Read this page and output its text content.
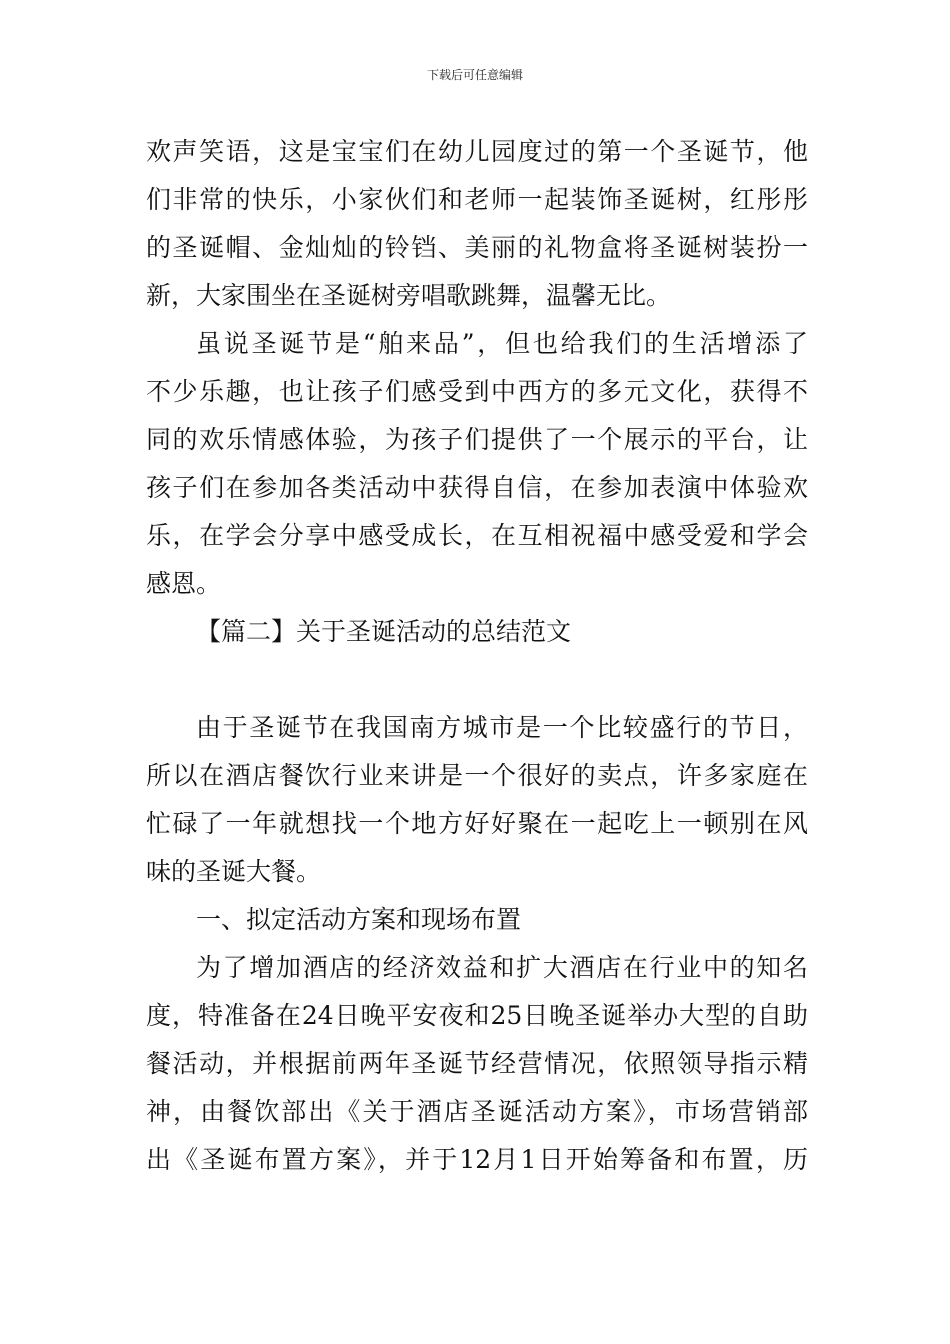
下载后可任意编辑
欢声笑语，这是宝宝们在幼儿园度过的第一个圣诞节，他
们非常的快乐，小家伙们和老师一起装饰圣诞树，红彤彤
的圣诞帽、金灿灿的铃铛、美丽的礼物盒将圣诞树装扮一
新，大家围坐在圣诞树旁唱歌跳舞，温馨无比。
虽说圣诞节是“舶来品”，但也给我们的生活增添了
不少乐趣，也让孩子们感受到中西方的多元文化，获得不
同的欢乐情感体验，为孩子们提供了一个展示的平台，让
孩子们在参加各类活动中获得自信，在参加表演中体验欢
乐，在学会分享中感受成长，在互相祝福中感受爱和学会
感恩。
【篇二】关于圣诞活动的总结范文
由于圣诞节在我国南方城市是一个比较盛行的节日，
所以在酒店餐饮行业来讲是一个很好的卖点，许多家庭在
忙碌了一年就想找一个地方好好聚在一起吃上一顿别在风
味的圣诞大餐。
一、拟定活动方案和现场布置
为了增加酒店的经济效益和扩大酒店在行业中的知名
度，特准备在24日晚平安夜和25日晚圣诞举办大型的自助
餐活动，并根据前两年圣诞节经营情况，依照领导指示精
神，由餐饮部出《关于酒店圣诞活动方案》，市场营销部
出《圣诞布置方案》，并于12月1日开始筹备和布置，历
